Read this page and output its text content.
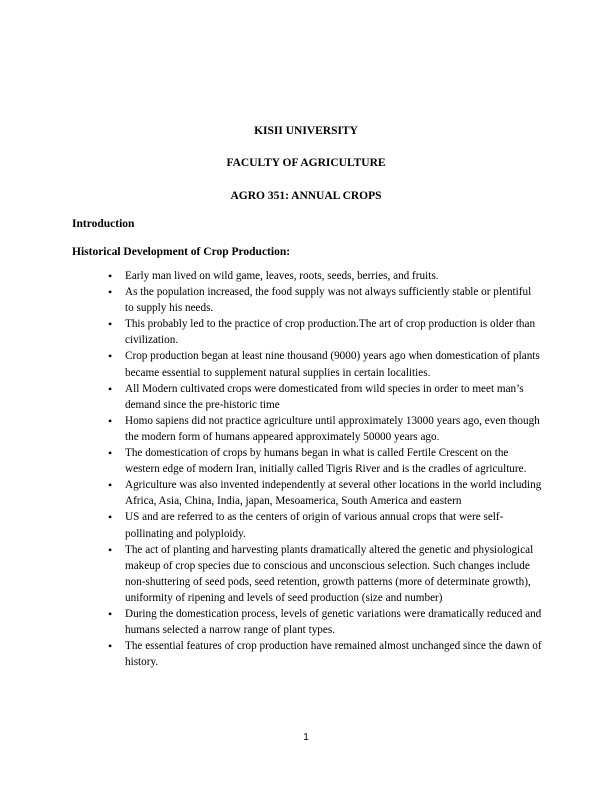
KISII UNIVERSITY
FACULTY OF AGRICULTURE
AGRO 351: ANNUAL CROPS
Introduction
Historical Development of Crop Production:
• Early man lived on wild game, leaves, roots, seeds, berries, and fruits.
• As the population increased, the food supply was not always sufficiently stable or plentiful to supply his needs.
• This probably led to the practice of crop production.The art of crop production is older than civilization.
• Crop production began at least nine thousand (9000) years ago when domestication of plants became essential to supplement natural supplies in certain localities.
• All Modern cultivated crops were domesticated from wild species in order to meet man’s demand since the pre-historic time
• Homo sapiens did not practice agriculture until approximately 13000 years ago, even though the modern form of humans appeared approximately 50000 years ago.
• The domestication of crops by humans began in what is called Fertile Crescent on the western edge of modern Iran, initially called Tigris River and is the cradles of agriculture.
• Agriculture was also invented independently at several other locations in the world including Africa, Asia, China, India, japan, Mesoamerica, South America and eastern
• US and are referred to as the centers of origin of various annual crops that were self-pollinating and polyploidy.
• The act of planting and harvesting plants dramatically altered the genetic and physiological makeup of crop species due to conscious and unconscious selection. Such changes include non-shuttering of seed pods, seed retention, growth patterns (more of determinate growth), uniformity of ripening and levels of seed production (size and number)
• During the domestication process, levels of genetic variations were dramatically reduced and humans selected a narrow range of plant types.
• The essential features of crop production have remained almost unchanged since the dawn of history.
1
